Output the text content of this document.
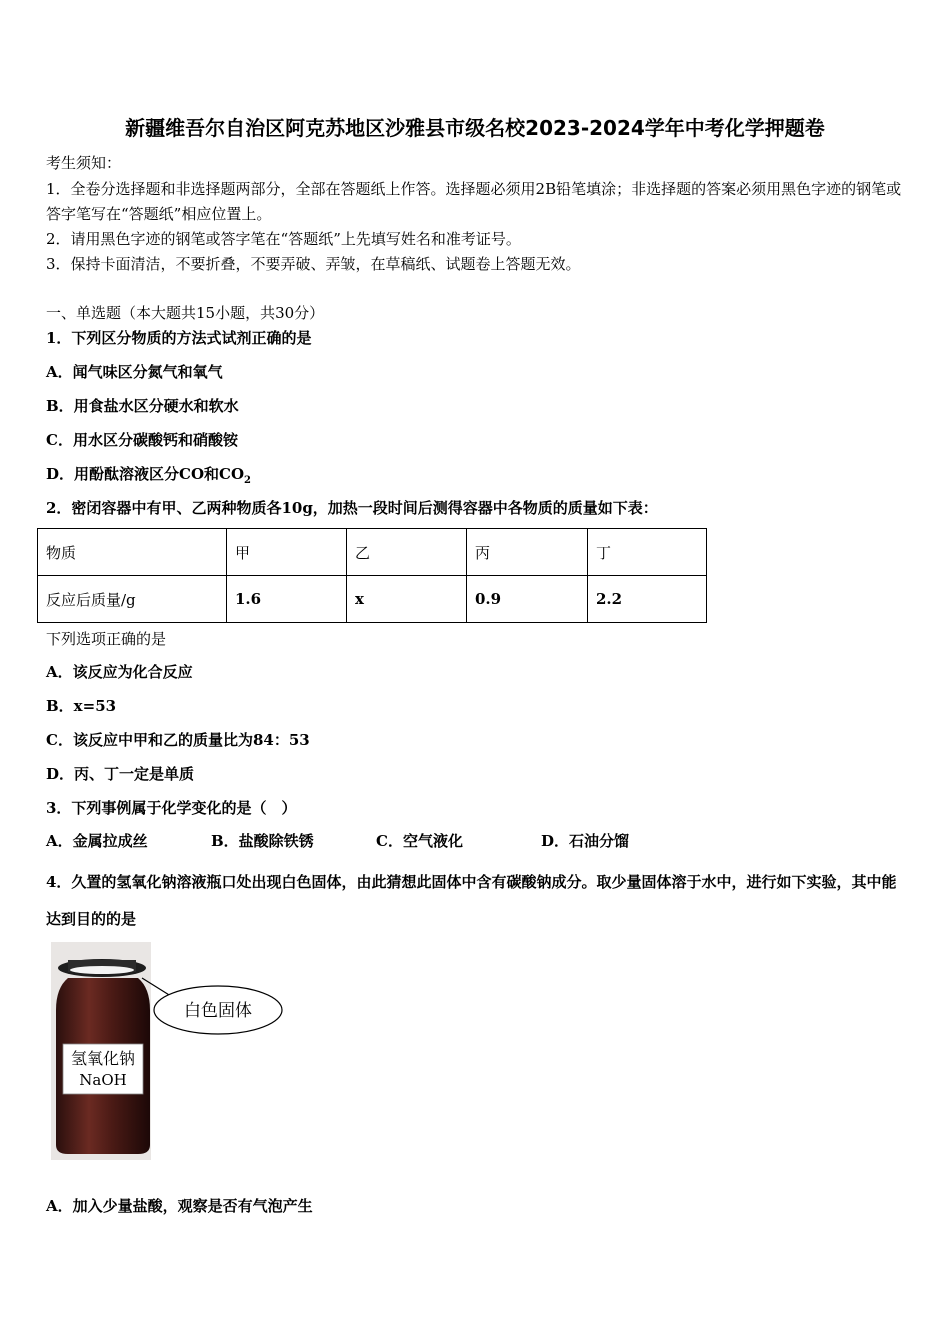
新疆维吾尔自治区阿克苏地区沙雅县市级名校2023-2024学年中考化学押题卷
考生须知：
1．全卷分选择题和非选择题两部分，全部在答题纸上作答。选择题必须用2B铅笔填涂；非选择题的答案必须用黑色字迹的钢笔或答字笔写在“答题纸”相应位置上。
2．请用黑色字迹的钢笔或答字笔在“答题纸”上先填写姓名和准考证号。
3．保持卡面清洁，不要折叠，不要弄破、弄皱，在草稿纸、试题卷上答题无效。
一、单选题（本大题共15小题，共30分）
1．下列区分物质的方法式试剂正确的是
A．闻气味区分氮气和氧气
B．用食盐水区分硬水和软水
C．用水区分碳酸钙和硝酸铵
D．用酚酞溶液区分CO和$CO_2$
2．密闭容器中有甲、乙两种物质各10g，加热一段时间后测得容器中各物质的质量如下表：
物质	甲	乙	丙	丁
反应后质量/g	1.6	x	0.9	2.2
下列选项正确的是
A．该反应为化合反应
B．x=53
C．该反应中甲和乙的质量比为84：53
D．丙、丁一定是单质
3．下列事例属于化学变化的是（　）
A．金属拉成丝	B．盐酸除铁锈	C．空气液化	D．石油分馏
4．久置的氢氧化钠溶液瓶口处出现白色固体，由此猜想此固体中含有碳酸钠成分。取少量固体溶于水中，进行如下实验，其中能达到目的的是
氢氧化钠
NaOH
白色固体
A．加入少量盐酸，观察是否有气泡产生
